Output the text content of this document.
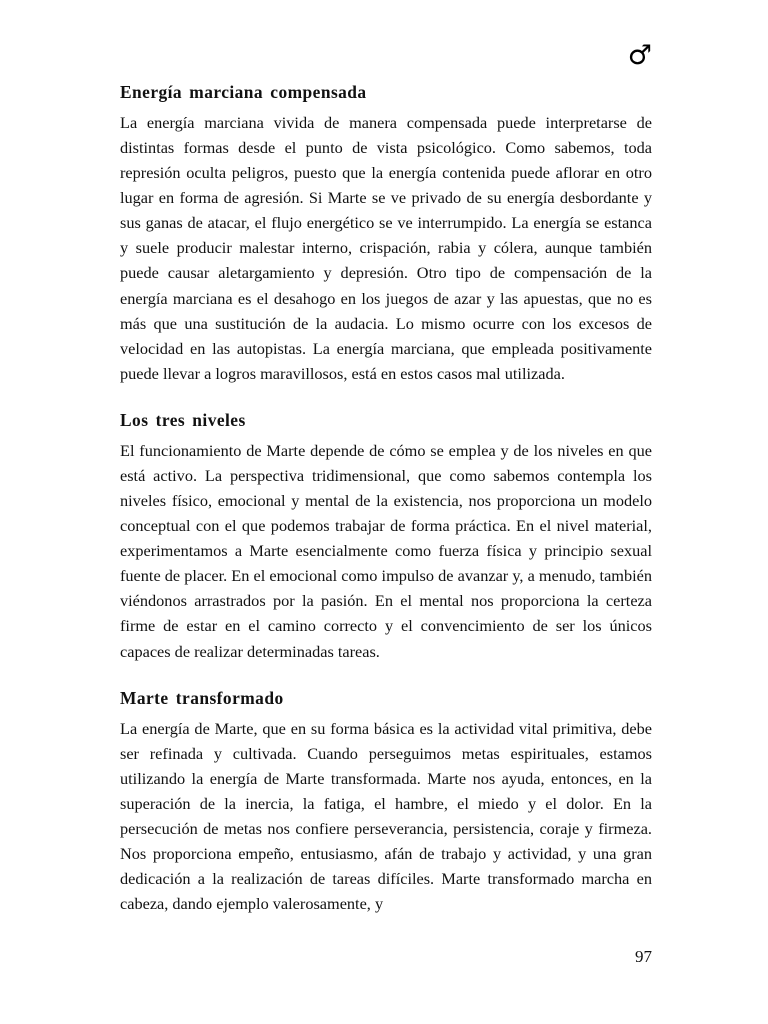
♂
Energía marciana compensada

La energía marciana vivida de manera compensada puede interpretarse de distintas formas desde el punto de vista psicológico. Como sabemos, toda represión oculta peligros, puesto que la energía contenida puede aflorar en otro lugar en forma de agresión. Si Marte se ve privado de su energía desbordante y sus ganas de atacar, el flujo energético se ve interrumpido. La energía se estanca y suele producir malestar interno, crispación, rabia y cólera, aunque también puede causar aletargamiento y depresión. Otro tipo de compensación de la energía marciana es el desahogo en los juegos de azar y las apuestas, que no es más que una sustitución de la audacia. Lo mismo ocurre con los excesos de velocidad en las autopistas. La energía marciana, que empleada positivamente puede llevar a logros maravillosos, está en estos casos mal utilizada.

Los tres niveles

El funcionamiento de Marte depende de cómo se emplea y de los niveles en que está activo. La perspectiva tridimensional, que como sabemos contempla los niveles físico, emocional y mental de la existencia, nos proporciona un modelo conceptual con el que podemos trabajar de forma práctica. En el nivel material, experimentamos a Marte esencialmente como fuerza física y principio sexual fuente de placer. En el emocional como impulso de avanzar y, a menudo, también viéndonos arrastrados por la pasión. En el mental nos proporciona la certeza firme de estar en el camino correcto y el convencimiento de ser los únicos capaces de realizar determinadas tareas.

Marte transformado

La energía de Marte, que en su forma básica es la actividad vital primitiva, debe ser refinada y cultivada. Cuando perseguimos metas espirituales, estamos utilizando la energía de Marte transformada. Marte nos ayuda, entonces, en la superación de la inercia, la fatiga, el hambre, el miedo y el dolor. En la persecución de metas nos confiere perseverancia, persistencia, coraje y firmeza. Nos proporciona empeño, entusiasmo, afán de trabajo y actividad, y una gran dedicación a la realización de tareas difíciles. Marte transformado marcha en cabeza, dando ejemplo valerosamente, y

97
